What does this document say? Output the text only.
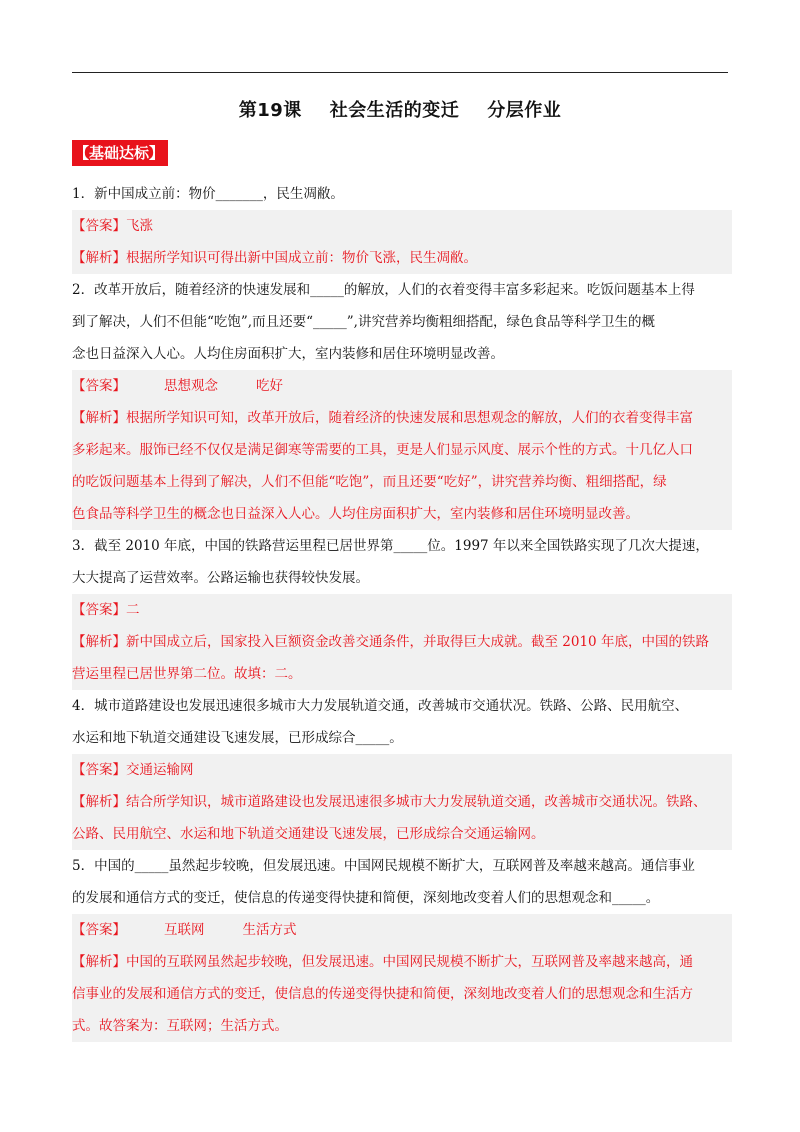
第19课 社会生活的变迁 分层作业
【基础达标】
1．新中国成立前：物价_______，民生凋敝。
【答案】飞涨
【解析】根据所学知识可得出新中国成立前：物价飞涨，民生凋敝。
2．改革开放后，随着经济的快速发展和_____的解放，人们的衣着变得丰富多彩起来。吃饭问题基本上得
到了解决，人们不但能“吃饱”,而且还要“_____”,讲究营养均衡粗细搭配，绿色食品等科学卫生的概
念也日益深入人心。人均住房面积扩大，室内装修和居住环境明显改善。
【答案】	思想观念	吃好
【解析】根据所学知识可知，改革开放后，随着经济的快速发展和思想观念的解放，人们的衣着变得丰富
多彩起来。服饰已经不仅仅是满足御寒等需要的工具，更是人们显示风度、展示个性的方式。十几亿人口
的吃饭问题基本上得到了解决，人们不但能“吃饱”，而且还要“吃好”，讲究营养均衡、粗细搭配，绿
色食品等科学卫生的概念也日益深入人心。人均住房面积扩大，室内装修和居住环境明显改善。
3．截至 2010 年底，中国的铁路营运里程已居世界第_____位。1997 年以来全国铁路实现了几次大提速，
大大提高了运营效率。公路运输也获得较快发展。
【答案】二
【解析】新中国成立后，国家投入巨额资金改善交通条件，并取得巨大成就。截至 2010 年底，中国的铁路
营运里程已居世界第二位。故填：二。
4．城市道路建设也发展迅速很多城市大力发展轨道交通，改善城市交通状况。铁路、公路、民用航空、
水运和地下轨道交通建设飞速发展，已形成综合_____。
【答案】交通运输网
【解析】结合所学知识，城市道路建设也发展迅速很多城市大力发展轨道交通，改善城市交通状况。铁路、
公路、民用航空、水运和地下轨道交通建设飞速发展，已形成综合交通运输网。
5．中国的_____虽然起步较晚，但发展迅速。中国网民规模不断扩大，互联网普及率越来越高。通信事业
的发展和通信方式的变迁，使信息的传递变得快捷和简便，深刻地改变着人们的思想观念和_____。
【答案】	互联网	生活方式
【解析】中国的互联网虽然起步较晚，但发展迅速。中国网民规模不断扩大，互联网普及率越来越高，通
信事业的发展和通信方式的变迁，使信息的传递变得快捷和简便，深刻地改变着人们的思想观念和生活方
式。故答案为：互联网；生活方式。
